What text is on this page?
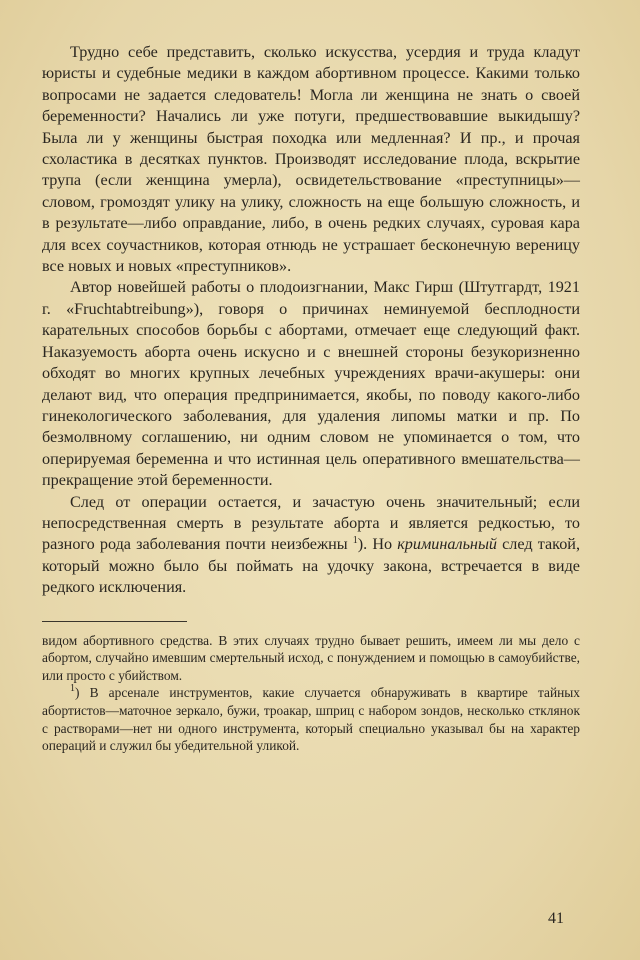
Трудно себе представить, сколько искусства, усердия и труда кладут юристы и судебные медики в каждом абортивном процессе. Какими только вопросами не задается следователь! Могла ли женщина не знать о своей беременности? Начались ли уже потуги, предшествовавшие выкидышу? Была ли у женщины быстрая походка или медленная? И пр., и прочая схоластика в десятках пунктов. Производят исследование плода, вскрытие трупа (если женщина умерла), освидетельствование «преступницы»— словом, громоздят улику на улику, сложность на еще большую сложность, и в результате—либо оправдание, либо, в очень редких случаях, суровая кара для всех соучастников, которая отнюдь не устрашает бесконечную вереницу все новых и новых «преступников».

Автор новейшей работы о плодоизгнании, Макс Гирш (Штутгардт, 1921 г. «Fruchtabtreibung»), говоря о причинах неминуемой бесплодности карательных способов борьбы с абортами, отмечает еще следующий факт. Наказуемость аборта очень искусно и с внешней стороны безукоризненно обходят во многих крупных лечебных учреждениях врачи-акушеры: они делают вид, что операция предпринимается, якобы, по поводу какого-либо гинекологического заболевания, для удаления липомы матки и пр. По безмолвному соглашению, ни одним словом не упоминается о том, что оперируемая беременна и что истинная цель оперативного вмешательства—прекращение этой беременности.

След от операции остается, и зачастую очень значительный; если непосредственная смерть в результате аборта и является редкостью, то разного рода заболевания почти неизбежны $^1$). Но криминальный след такой, который можно было бы поймать на удочку закона, встречается в виде редкого исключения.

видом абортивного средства. В этих случаях трудно бывает решить, имеем ли мы дело с абортом, случайно имевшим смертельный исход, с понуждением и помощью в самоубийстве, или просто с убийством.

$^1$) В арсенале инструментов, какие случается обнаруживать в квартире тайных абортистов—маточное зеркало, бужи, троакар, шприц с набором зондов, несколько стклянок с растворами—нет ни одного инструмента, который специально указывал бы на характер операций и служил бы убедительной уликой.

41
